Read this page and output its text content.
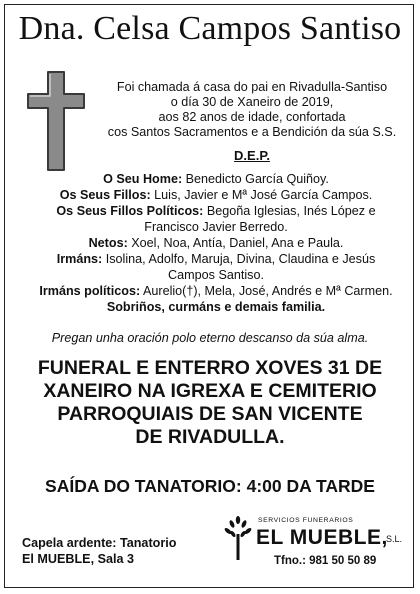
Dna. Celsa Campos Santiso
Foi chamada á casa do pai en Rivadulla-Santiso
o día 30 de Xaneiro de 2019,
aos 82 anos de idade, confortada
cos Santos Sacramentos e a Bendición da súa S.S.
D.E.P.
O Seu Home: Benedicto García Quiñoy.
Os Seus Fillos: Luis, Javier e Mª José García Campos.
Os Seus Fillos Políticos: Begoña Iglesias, Inés López e
Francisco Javier Berredo.
Netos: Xoel, Noa, Antía, Daniel, Ana e Paula.
Irmáns: Isolina, Adolfo, Maruja, Divina, Claudina e Jesús
Campos Santiso.
Irmáns políticos: Aurelio(†), Mela, José, Andrés e Mª Carmen.
Sobriños, curmáns e demais familia.
Pregan unha oración polo eterno descanso da súa alma.
FUNERAL E ENTERRO XOVES 31 DE
XANEIRO NA IGREXA E CEMITERIO
PARROQUIAIS DE SAN VICENTE
DE RIVADULLA.
SAÍDA DO TANATORIO: 4:00 DA TARDE
Capela ardente: Tanatorio
El MUEBLE, Sala 3
SERVICIOS FUNERARIOS
EL MUEBLE,
S.L.
Tfno.: 981 50 50 89
